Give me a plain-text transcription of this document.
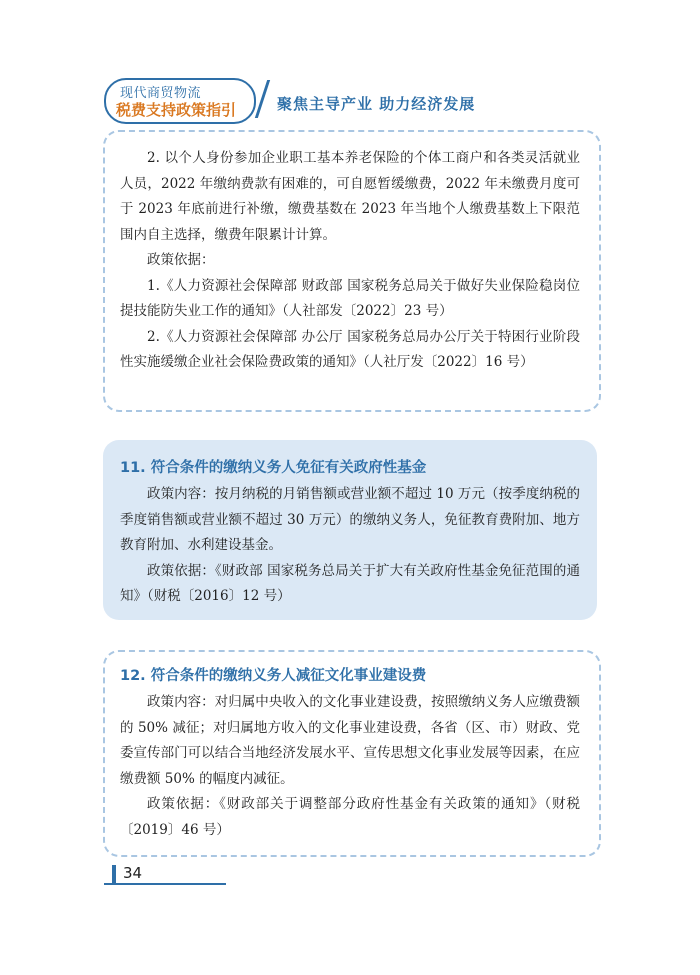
现代商贸物流
税费支持政策指引	聚焦主导产业 助力经济发展

2. 以个人身份参加企业职工基本养老保险的个体工商户和各类灵活就业人员，2022 年缴纳费款有困难的，可自愿暂缓缴费，2022 年未缴费月度可于 2023 年底前进行补缴，缴费基数在 2023 年当地个人缴费基数上下限范围内自主选择，缴费年限累计计算。

政策依据：

1.《人力资源社会保障部 财政部 国家税务总局关于做好失业保险稳岗位提技能防失业工作的通知》（人社部发〔2022〕23 号）

2.《人力资源社会保障部 办公厅 国家税务总局办公厅关于特困行业阶段性实施缓缴企业社会保险费政策的通知》（人社厅发〔2022〕16 号）

11. 符合条件的缴纳义务人免征有关政府性基金

政策内容：按月纳税的月销售额或营业额不超过 10 万元（按季度纳税的季度销售额或营业额不超过 30 万元）的缴纳义务人，免征教育费附加、地方教育附加、水利建设基金。

政策依据：《财政部 国家税务总局关于扩大有关政府性基金免征范围的通知》（财税〔2016〕12 号）

12. 符合条件的缴纳义务人减征文化事业建设费

政策内容：对归属中央收入的文化事业建设费，按照缴纳义务人应缴费额的 50% 减征；对归属地方收入的文化事业建设费，各省（区、市）财政、党委宣传部门可以结合当地经济发展水平、宣传思想文化事业发展等因素，在应缴费额 50% 的幅度内减征。

政策依据：《财政部关于调整部分政府性基金有关政策的通知》（财税〔2019〕46 号）

34
